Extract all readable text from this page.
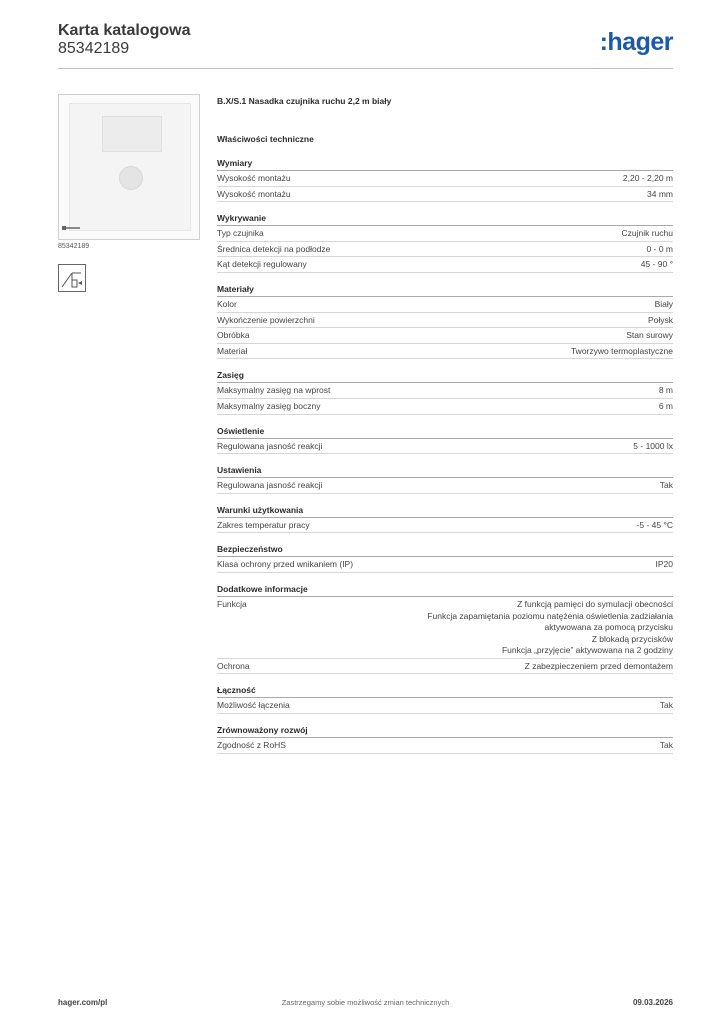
Karta katalogowa
85342189	:hager
85342189
B.X/S.1 Nasadka czujnika ruchu 2,2 m biały
Właściwości techniczne
Wymiary
Wysokość montażu	2,20 - 2,20 m
Wysokość montażu	34 mm
Wykrywanie
Typ czujnika	Czujnik ruchu
Średnica detekcji na podłodze	0 - 0 m
Kąt detekcji regulowany	45 - 90 °
Materiały
Kolor	Biały
Wykończenie powierzchni	Połysk
Obróbka	Stan surowy
Materiał	Tworzywo termoplastyczne
Zasięg
Maksymalny zasięg na wprost	8 m
Maksymalny zasięg boczny	6 m
Oświetlenie
Regulowana jasność reakcji	5 - 1000 lx
Ustawienia
Regulowana jasność reakcji	Tak
Warunki użytkowania
Zakres temperatur pracy	-5 - 45 °C
Bezpieczeństwo
Klasa ochrony przed wnikaniem (IP)	IP20
Dodatkowe informacje
Funkcja	Z funkcją pamięci do symulacji obecności
Funkcja zapamiętania poziomu natężenia oświetlenia zadziałania
aktywowana za pomocą przycisku
Z blokadą przycisków
Funkcja „przyjęcie” aktywowana na 2 godziny
Ochrona	Z zabezpieczeniem przed demontażem
Łączność
Możliwość łączenia	Tak
Zrównoważony rozwój
Zgodność z RoHS	Tak
hager.com/pl	Zastrzegamy sobie możliwość zmian technicznych	09.03.2026
